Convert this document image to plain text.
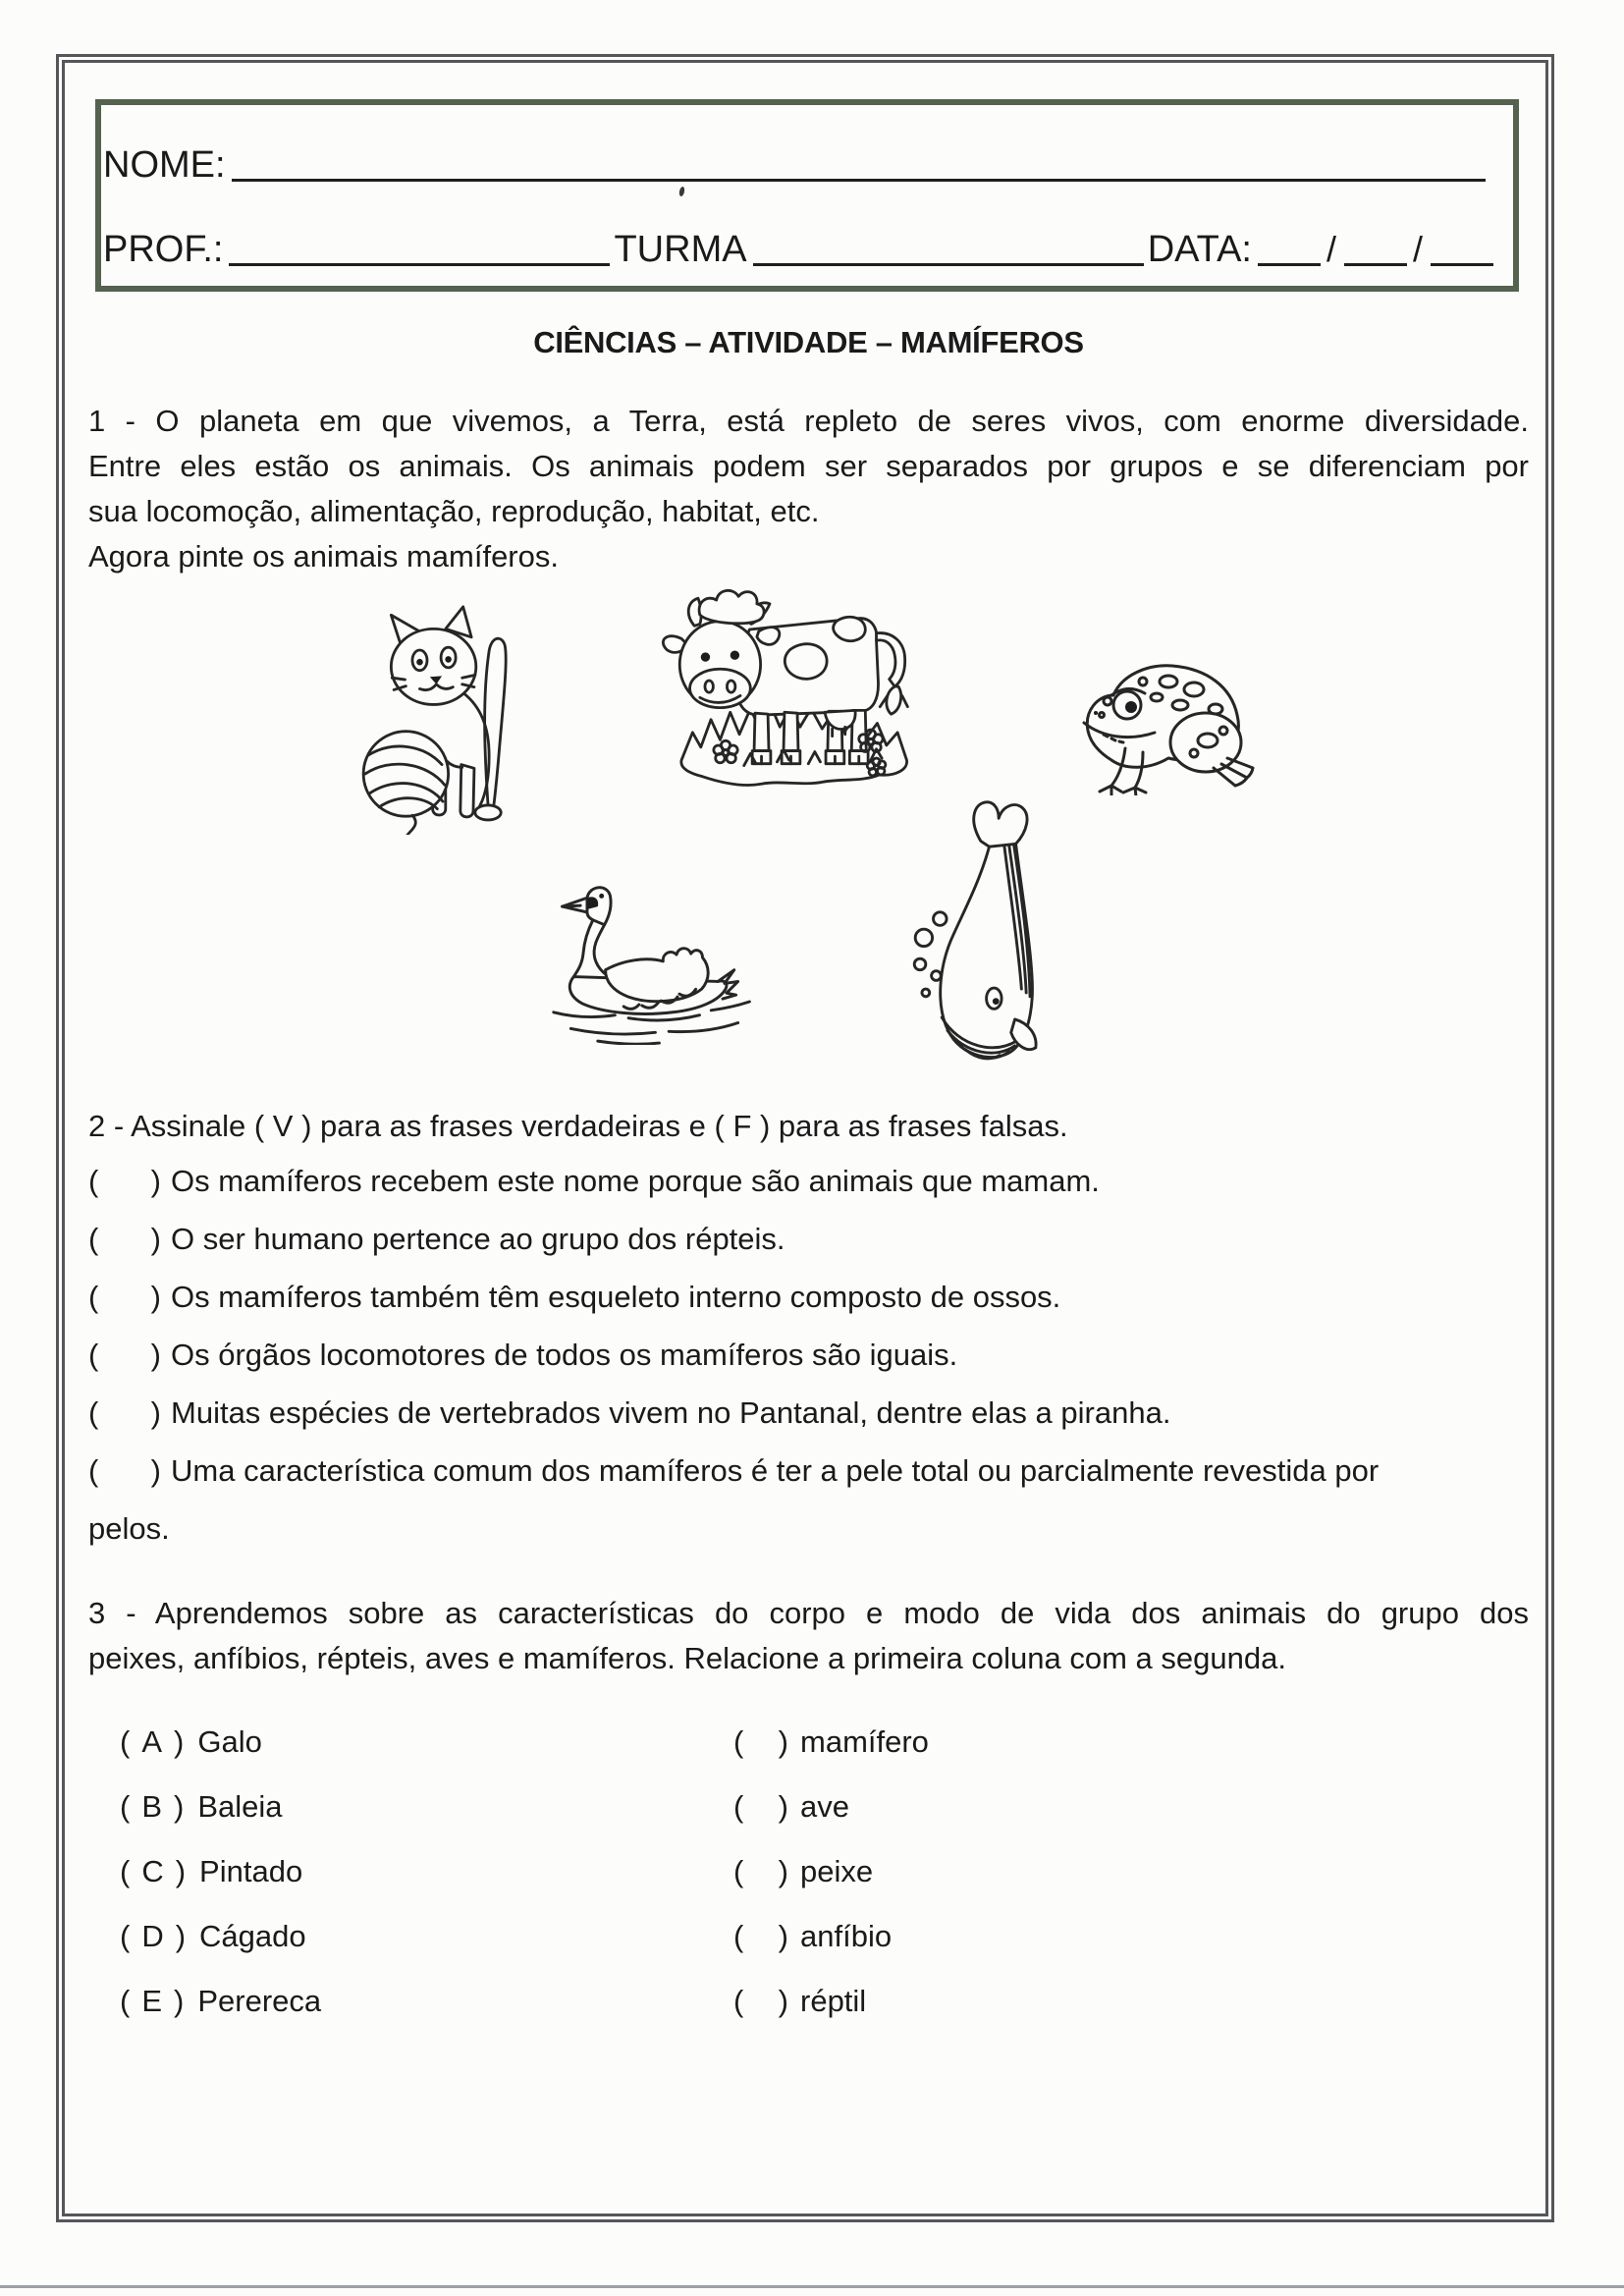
NOME:
PROF.:	TURMA	DATA: / /
CIÊNCIAS – ATIVIDADE – MAMÍFEROS
1 - O planeta em que vivemos, a Terra, está repleto de seres vivos, com enorme diversidade.
Entre eles estão os animais. Os animais podem ser separados por grupos e se diferenciam por
sua locomoção, alimentação, reprodução, habitat, etc.
Agora pinte os animais mamíferos.
2 - Assinale ( V ) para as frases verdadeiras e ( F ) para as frases falsas.
( ) Os mamíferos recebem este nome porque são animais que mamam.
( ) O ser humano pertence ao grupo dos répteis.
( ) Os mamíferos também têm esqueleto interno composto de ossos.
( ) Os órgãos locomotores de todos os mamíferos são iguais.
( ) Muitas espécies de vertebrados vivem no Pantanal, dentre elas a piranha.
( ) Uma característica comum dos mamíferos é ter a pele total ou parcialmente revestida por
pelos.
3 - Aprendemos sobre as características do corpo e modo de vida dos animais do grupo dos
peixes, anfíbios, répteis, aves e mamíferos. Relacione a primeira coluna com a segunda.
( A ) Galo	( ) mamífero
( B ) Baleia	( ) ave
( C ) Pintado	( ) peixe
( D ) Cágado	( ) anfíbio
( E ) Perereca	( ) réptil
